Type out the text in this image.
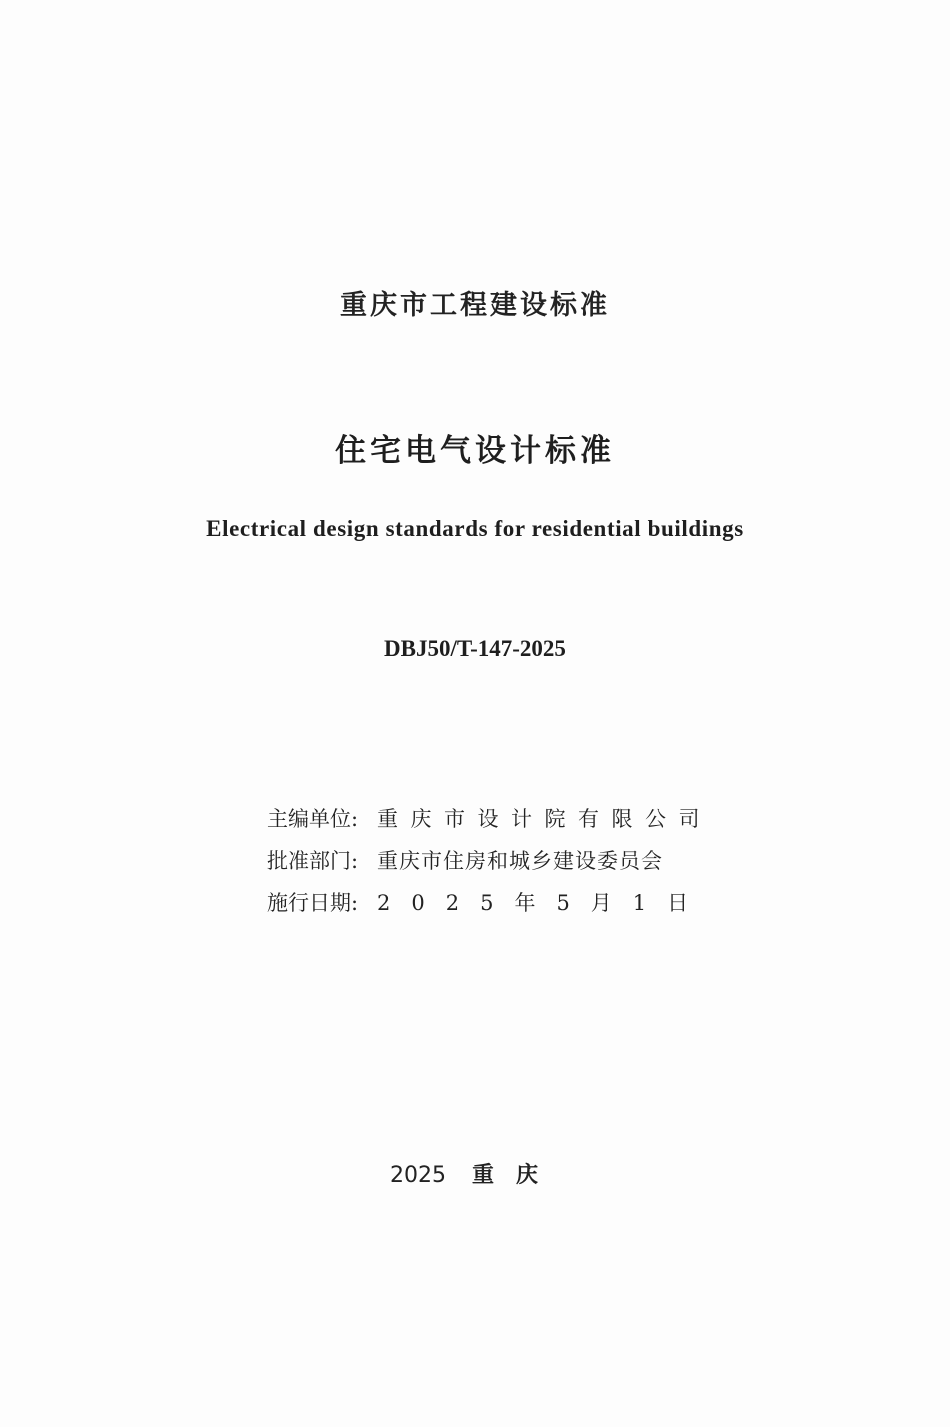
重庆市工程建设标准
住宅电气设计标准
Electrical design standards for residential buildings
DBJ50/T-147-2025
主编单位: 重庆市设计院有限公司
批准部门: 重庆市住房和城乡建设委员会
施行日期: 2025年5月1日
2025 重庆
